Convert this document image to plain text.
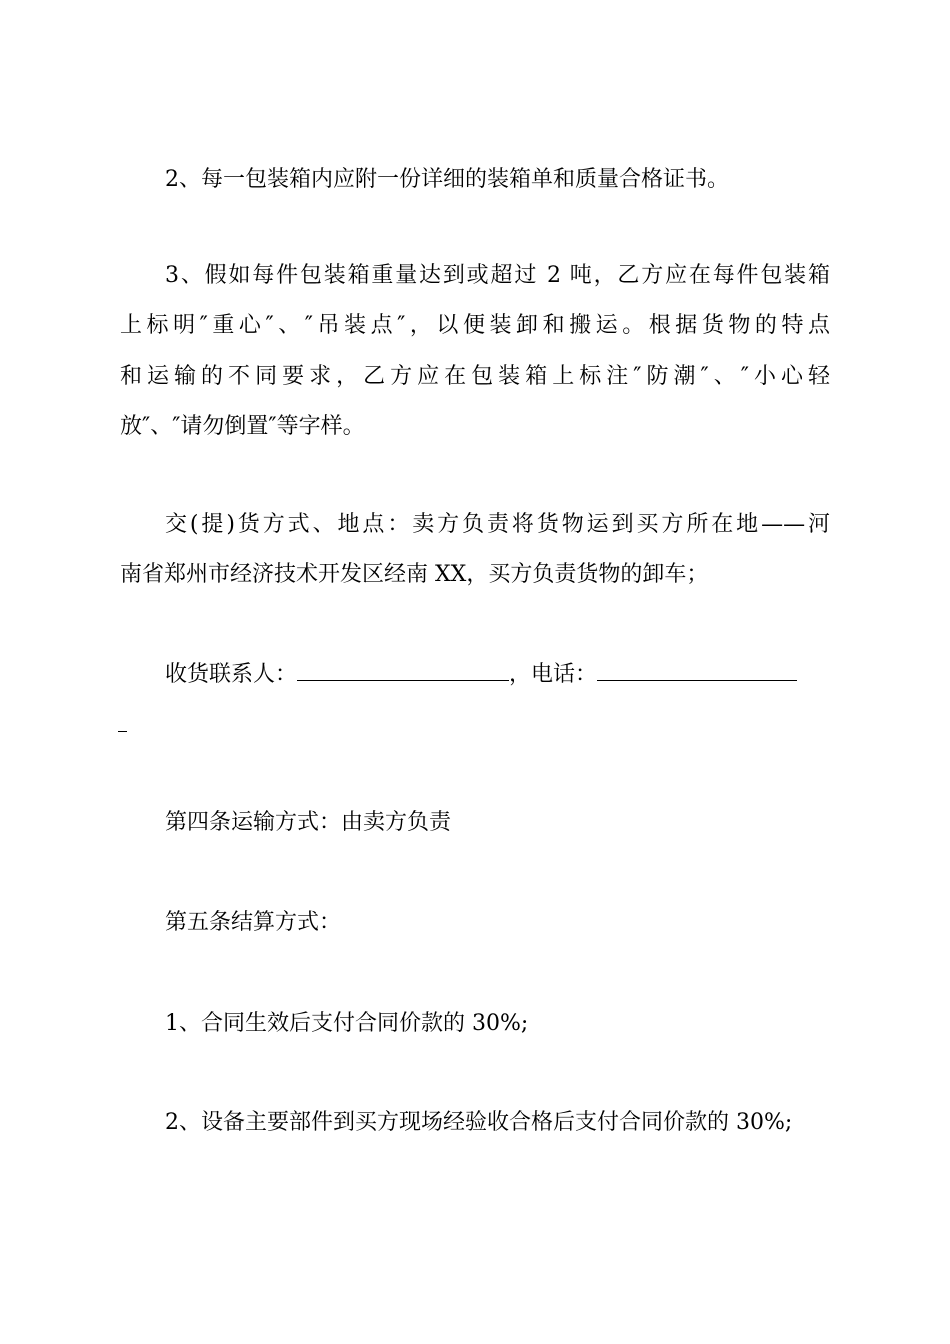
2、每一包装箱内应附一份详细的装箱单和质量合格证书。
3、假如每件包装箱重量达到或超过 2 吨，乙方应在每件包装箱
上标明″重心″、″吊装点″，以便装卸和搬运。根据货物的特点
和运输的不同要求，乙方应在包装箱上标注″防潮″、″小心轻
放″、″请勿倒置″等字样。
交(提)货方式、地点：卖方负责将货物运到买方所在地——河
南省郑州市经济技术开发区经南 XX，买方负责货物的卸车；
收货联系人：	，电话：
第四条运输方式：由卖方负责
第五条结算方式：
1、合同生效后支付合同价款的 30%;
2、设备主要部件到买方现场经验收合格后支付合同价款的 30%;
